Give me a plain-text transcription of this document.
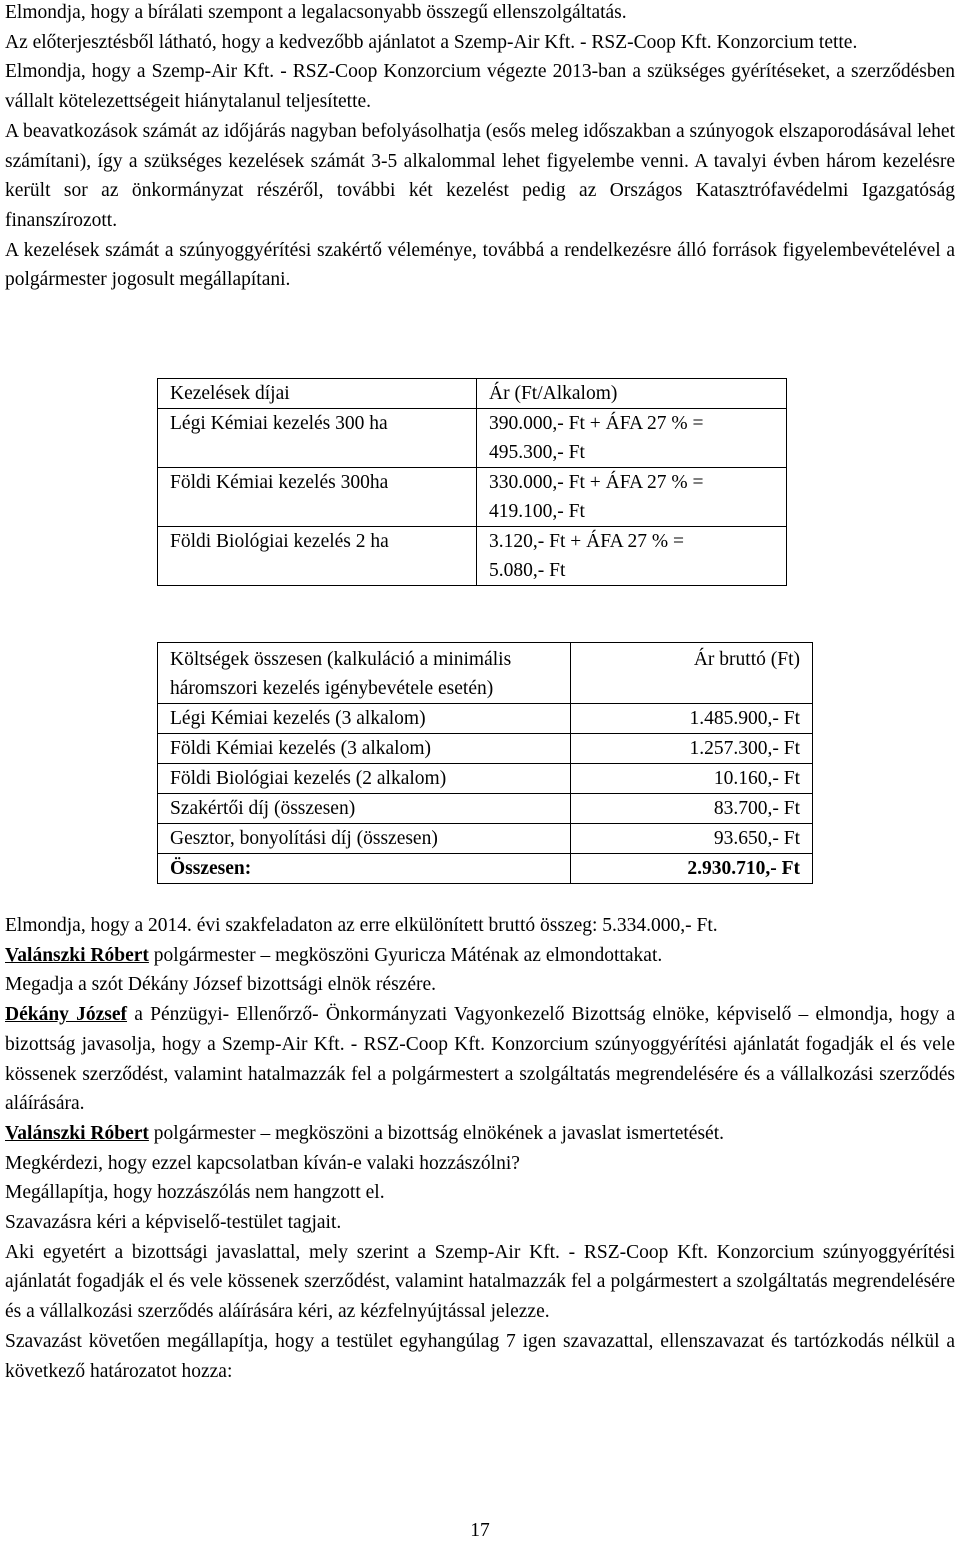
Elmondja, hogy a bírálati szempont a legalacsonyabb összegű ellenszolgáltatás.

Az előterjesztésből látható, hogy a kedvezőbb ajánlatot a Szemp-Air Kft. - RSZ-Coop Kft. Konzorcium tette.

Elmondja, hogy a Szemp-Air Kft. - RSZ-Coop Konzorcium végezte 2013-ban a szükséges gyérítéseket, a szerződésben vállalt kötelezettségeit hiánytalanul teljesítette.

A beavatkozások számát az időjárás nagyban befolyásolhatja (esős meleg időszakban a szúnyogok elszaporodásával lehet számítani), így a szükséges kezelések számát 3-5 alkalommal lehet figyelembe venni. A tavalyi évben három kezelésre került sor az önkormányzat részéről, további két kezelést pedig az Országos Katasztrófavédelmi Igazgatóság finanszírozott.

A kezelések számát a szúnyoggyérítési szakértő véleménye, továbbá a rendelkezésre álló források figyelembevételével a polgármester jogosult megállapítani.

Kezelések díjai	Ár (Ft/Alkalom)
Légi Kémiai kezelés 300 ha	390.000,- Ft + ÁFA 27 % =
495.300,- Ft
Földi Kémiai kezelés 300ha	330.000,- Ft + ÁFA 27 % =
419.100,- Ft
Földi Biológiai kezelés 2 ha	3.120,- Ft + ÁFA 27 % =
5.080,- Ft
Költségek összesen (kalkuláció a minimális háromszori kezelés igénybevétele esetén)	Ár bruttó (Ft)
Légi Kémiai kezelés (3 alkalom)	1.485.900,- Ft
Földi Kémiai kezelés (3 alkalom)	1.257.300,- Ft
Földi Biológiai kezelés (2 alkalom)	10.160,- Ft
Szakértői díj (összesen)	83.700,- Ft
Gesztor, bonyolítási díj (összesen)	93.650,- Ft
Összesen:	2.930.710,- Ft

Elmondja, hogy a 2014. évi szakfeladaton az erre elkülönített bruttó összeg: 5.334.000,- Ft.

Valánszki Róbert polgármester – megköszöni Gyuricza Máténak az elmondottakat.

Megadja a szót Dékány József bizottsági elnök részére.

Dékány József a Pénzügyi- Ellenőrző- Önkormányzati Vagyonkezelő Bizottság elnöke, képviselő – elmondja, hogy a bizottság javasolja, hogy a Szemp-Air Kft. - RSZ-Coop Kft. Konzorcium szúnyoggyérítési ajánlatát fogadják el és vele kössenek szerződést, valamint hatalmazzák fel a polgármestert a szolgáltatás megrendelésére és a vállalkozási szerződés aláírására.

Valánszki Róbert polgármester – megköszöni a bizottság elnökének a javaslat ismertetését.

Megkérdezi, hogy ezzel kapcsolatban kíván-e valaki hozzászólni?

Megállapítja, hogy hozzászólás nem hangzott el.

Szavazásra kéri a képviselő-testület tagjait.

Aki egyetért a bizottsági javaslattal, mely szerint a Szemp-Air Kft. - RSZ-Coop Kft. Konzorcium szúnyoggyérítési ajánlatát fogadják el és vele kössenek szerződést, valamint hatalmazzák fel a polgármestert a szolgáltatás megrendelésére és a vállalkozási szerződés aláírására kéri, az kézfelnyújtással jelezze.

Szavazást követően megállapítja, hogy a testület egyhangúlag 7 igen szavazattal, ellenszavazat és tartózkodás nélkül a következő határozatot hozza:

17
